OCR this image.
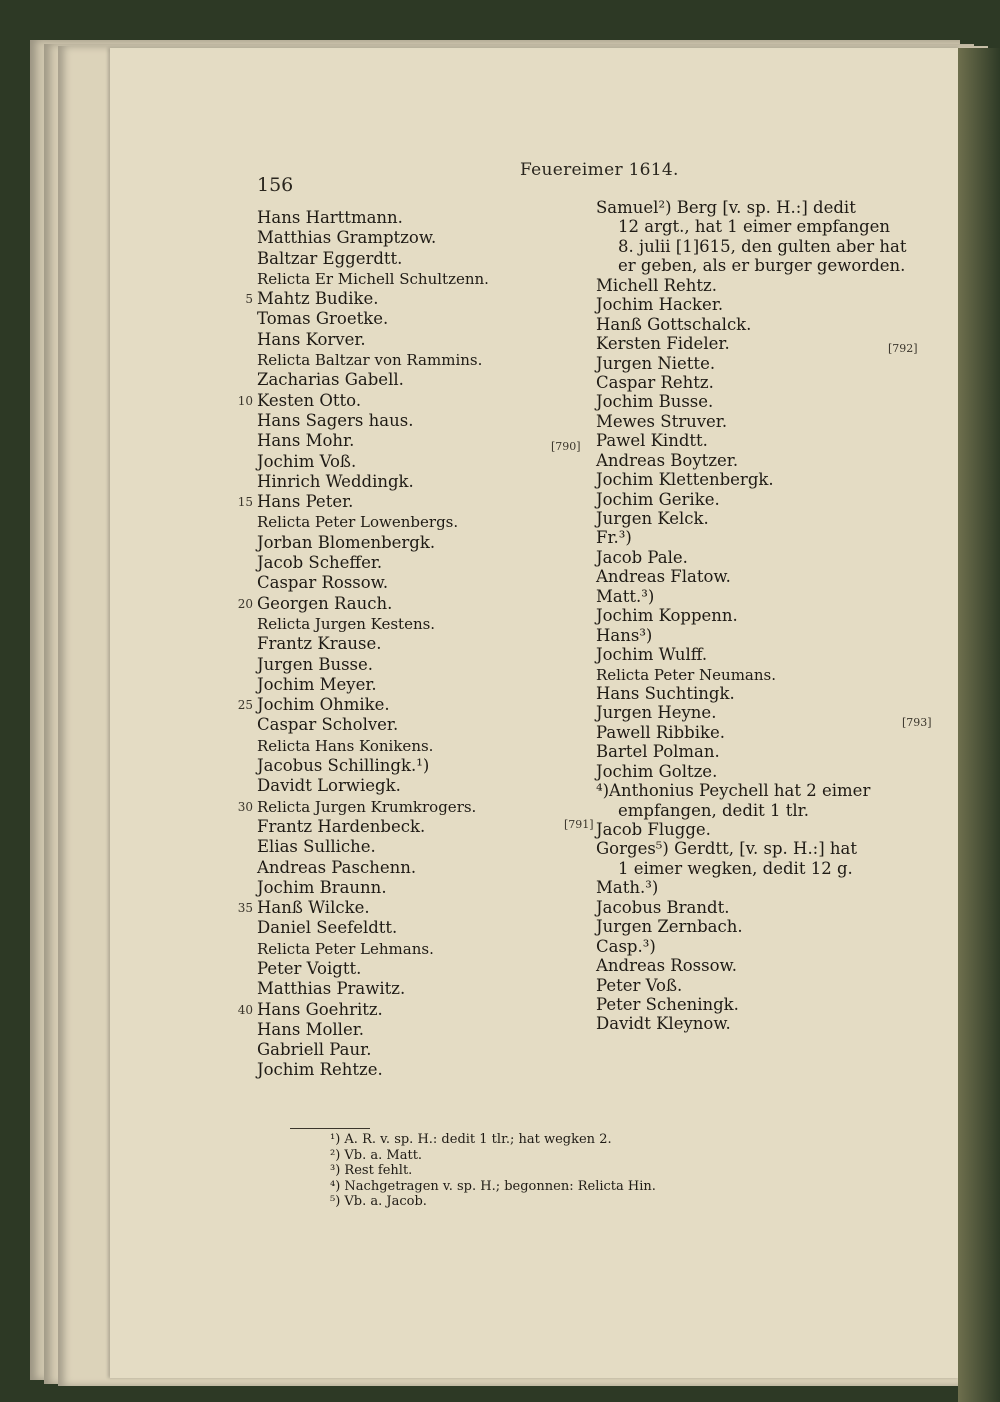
156
Feuereimer 1614.
Hans Harttmann.
Matthias Gramptzow.
Baltzar Eggerdtt.
Relicta Er Michell Schultzenn.
5 Mahtz Budike.
Tomas Groetke.
Hans Korver.
Relicta Baltzar von Rammins.
Zacharias Gabell.
10 Kesten Otto.
Hans Sagers haus.
Hans Mohr.
Jochim Voß.
Hinrich Weddingk.
15 Hans Peter.
Relicta Peter Lowenbergs.
Jorban Blomenbergk.
Jacob Scheffer.
Caspar Rossow.
20 Georgen Rauch.
Relicta Jurgen Kestens.
Frantz Krause.
Jurgen Busse.
Jochim Meyer.
25 Jochim Ohmike.
Caspar Scholver.
Relicta Hans Konikens.
Jacobus Schillingk.¹)
Davidt Lorwiegk.
30 Relicta Jurgen Krumkrogers.
Frantz Hardenbeck.
Elias Sulliche.
Andreas Paschenn.
Jochim Braunn.
35 Hanß Wilcke.
Daniel Seefeldtt.
Relicta Peter Lehmans.
Peter Voigtt.
Matthias Prawitz.
40 Hans Goehritz.
Hans Moller.
Gabriell Paur.
Jochim Rehtze.
Samuel²) Berg [v. sp. H.:] dedit
12 argt., hat 1 eimer empfangen
8. julii [1]615, den gulten aber hat
er geben, als er burger geworden.
Michell Rehtz.
Jochim Hacker.
Hanß Gottschalck.
Kersten Fideler.
Jurgen Niette.
Caspar Rehtz.
Jochim Busse.
Mewes Struver.
Pawel Kindtt.
Andreas Boytzer.
Jochim Klettenbergk.
Jochim Gerike.
Jurgen Kelck.
Fr.³)
Jacob Pale.
Andreas Flatow.
Matt.³)
Jochim Koppenn.
Hans³)
Jochim Wulff.
Relicta Peter Neumans.
Hans Suchtingk.
Jurgen Heyne.
Pawell Ribbike.
Bartel Polman.
Jochim Goltze.
⁴)Anthonius Peychell hat 2 eimer
empfangen, dedit 1 tlr.
Jacob Flugge.
Gorges⁵) Gerdtt, [v. sp. H.:] hat
1 eimer wegken, dedit 12 g.
Math.³)
Jacobus Brandt.
Jurgen Zernbach.
Casp.³)
Andreas Rossow.
Peter Voß.
Peter Scheningk.
Davidt Kleynow.
[790]
[791]
[792]
[793]
¹) A. R. v. sp. H.: dedit 1 tlr.; hat wegken 2.
²) Vb. a. Matt.
³) Rest fehlt.
⁴) Nachgetragen v. sp. H.; begonnen: Relicta Hin.
⁵) Vb. a. Jacob.
